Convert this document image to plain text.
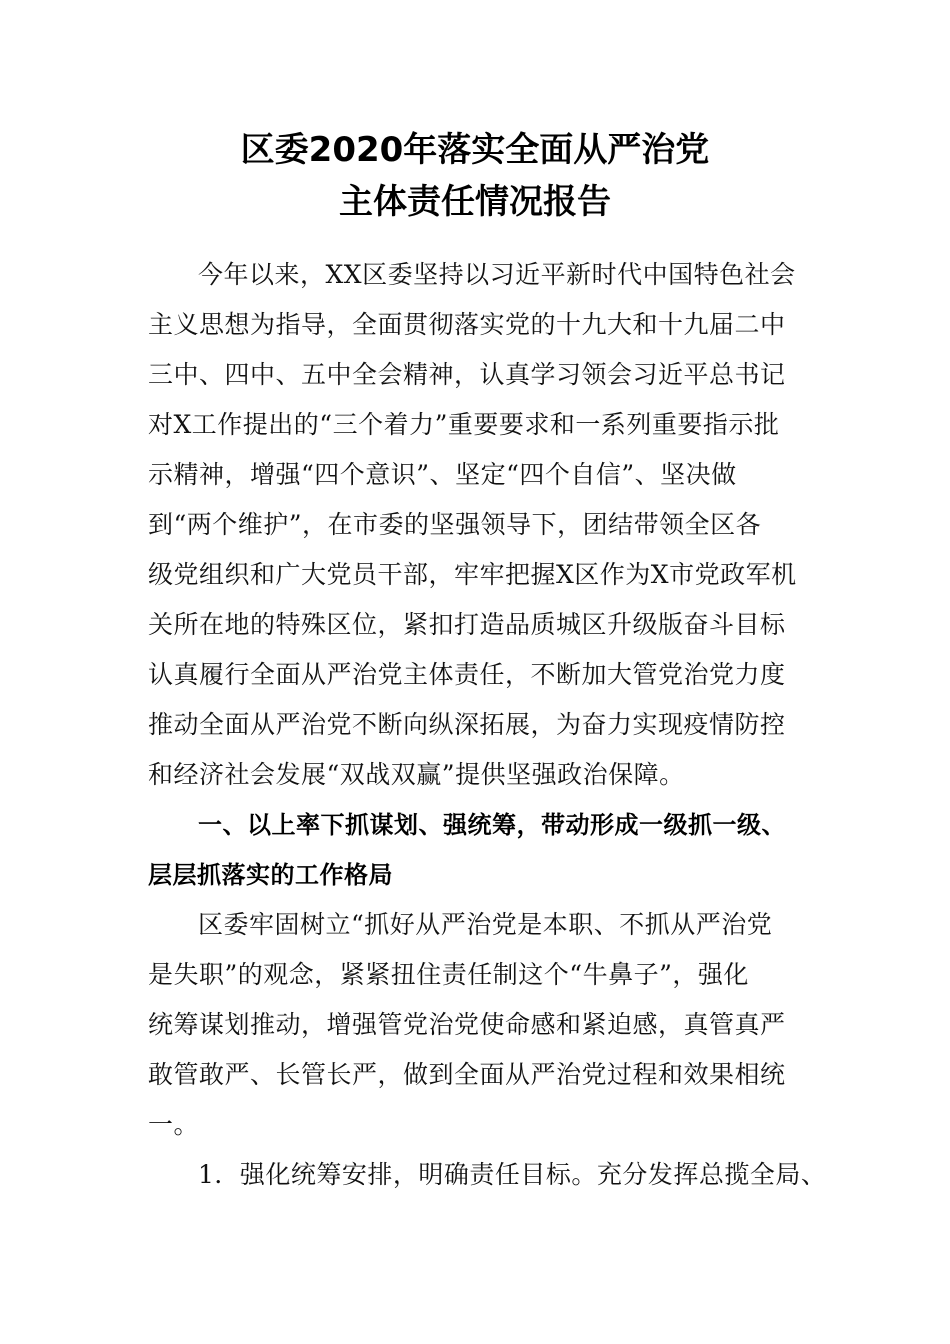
区委2020年落实全面从严治党
主体责任情况报告
今年以来，XX区委坚持以习近平新时代中国特色社会
主义思想为指导，全面贯彻落实党的十九大和十九届二中
三中、四中、五中全会精神，认真学习领会习近平总书记
对X工作提出的“三个着力”重要要求和一系列重要指示批
示精神，增强“四个意识”、坚定“四个自信”、坚决做
到“两个维护”，在市委的坚强领导下，团结带领全区各
级党组织和广大党员干部，牢牢把握X区作为X市党政军机
关所在地的特殊区位，紧扣打造品质城区升级版奋斗目标
认真履行全面从严治党主体责任，不断加大管党治党力度
推动全面从严治党不断向纵深拓展，为奋力实现疫情防控
和经济社会发展“双战双赢”提供坚强政治保障。
一、以上率下抓谋划、强统筹，带动形成一级抓一级、
层层抓落实的工作格局
区委牢固树立“抓好从严治党是本职、不抓从严治党
是失职”的观念，紧紧扭住责任制这个“牛鼻子”，强化
统筹谋划推动，增强管党治党使命感和紧迫感，真管真严
敢管敢严、长管长严，做到全面从严治党过程和效果相统
一。
1．强化统筹安排，明确责任目标。充分发挥总揽全局、
